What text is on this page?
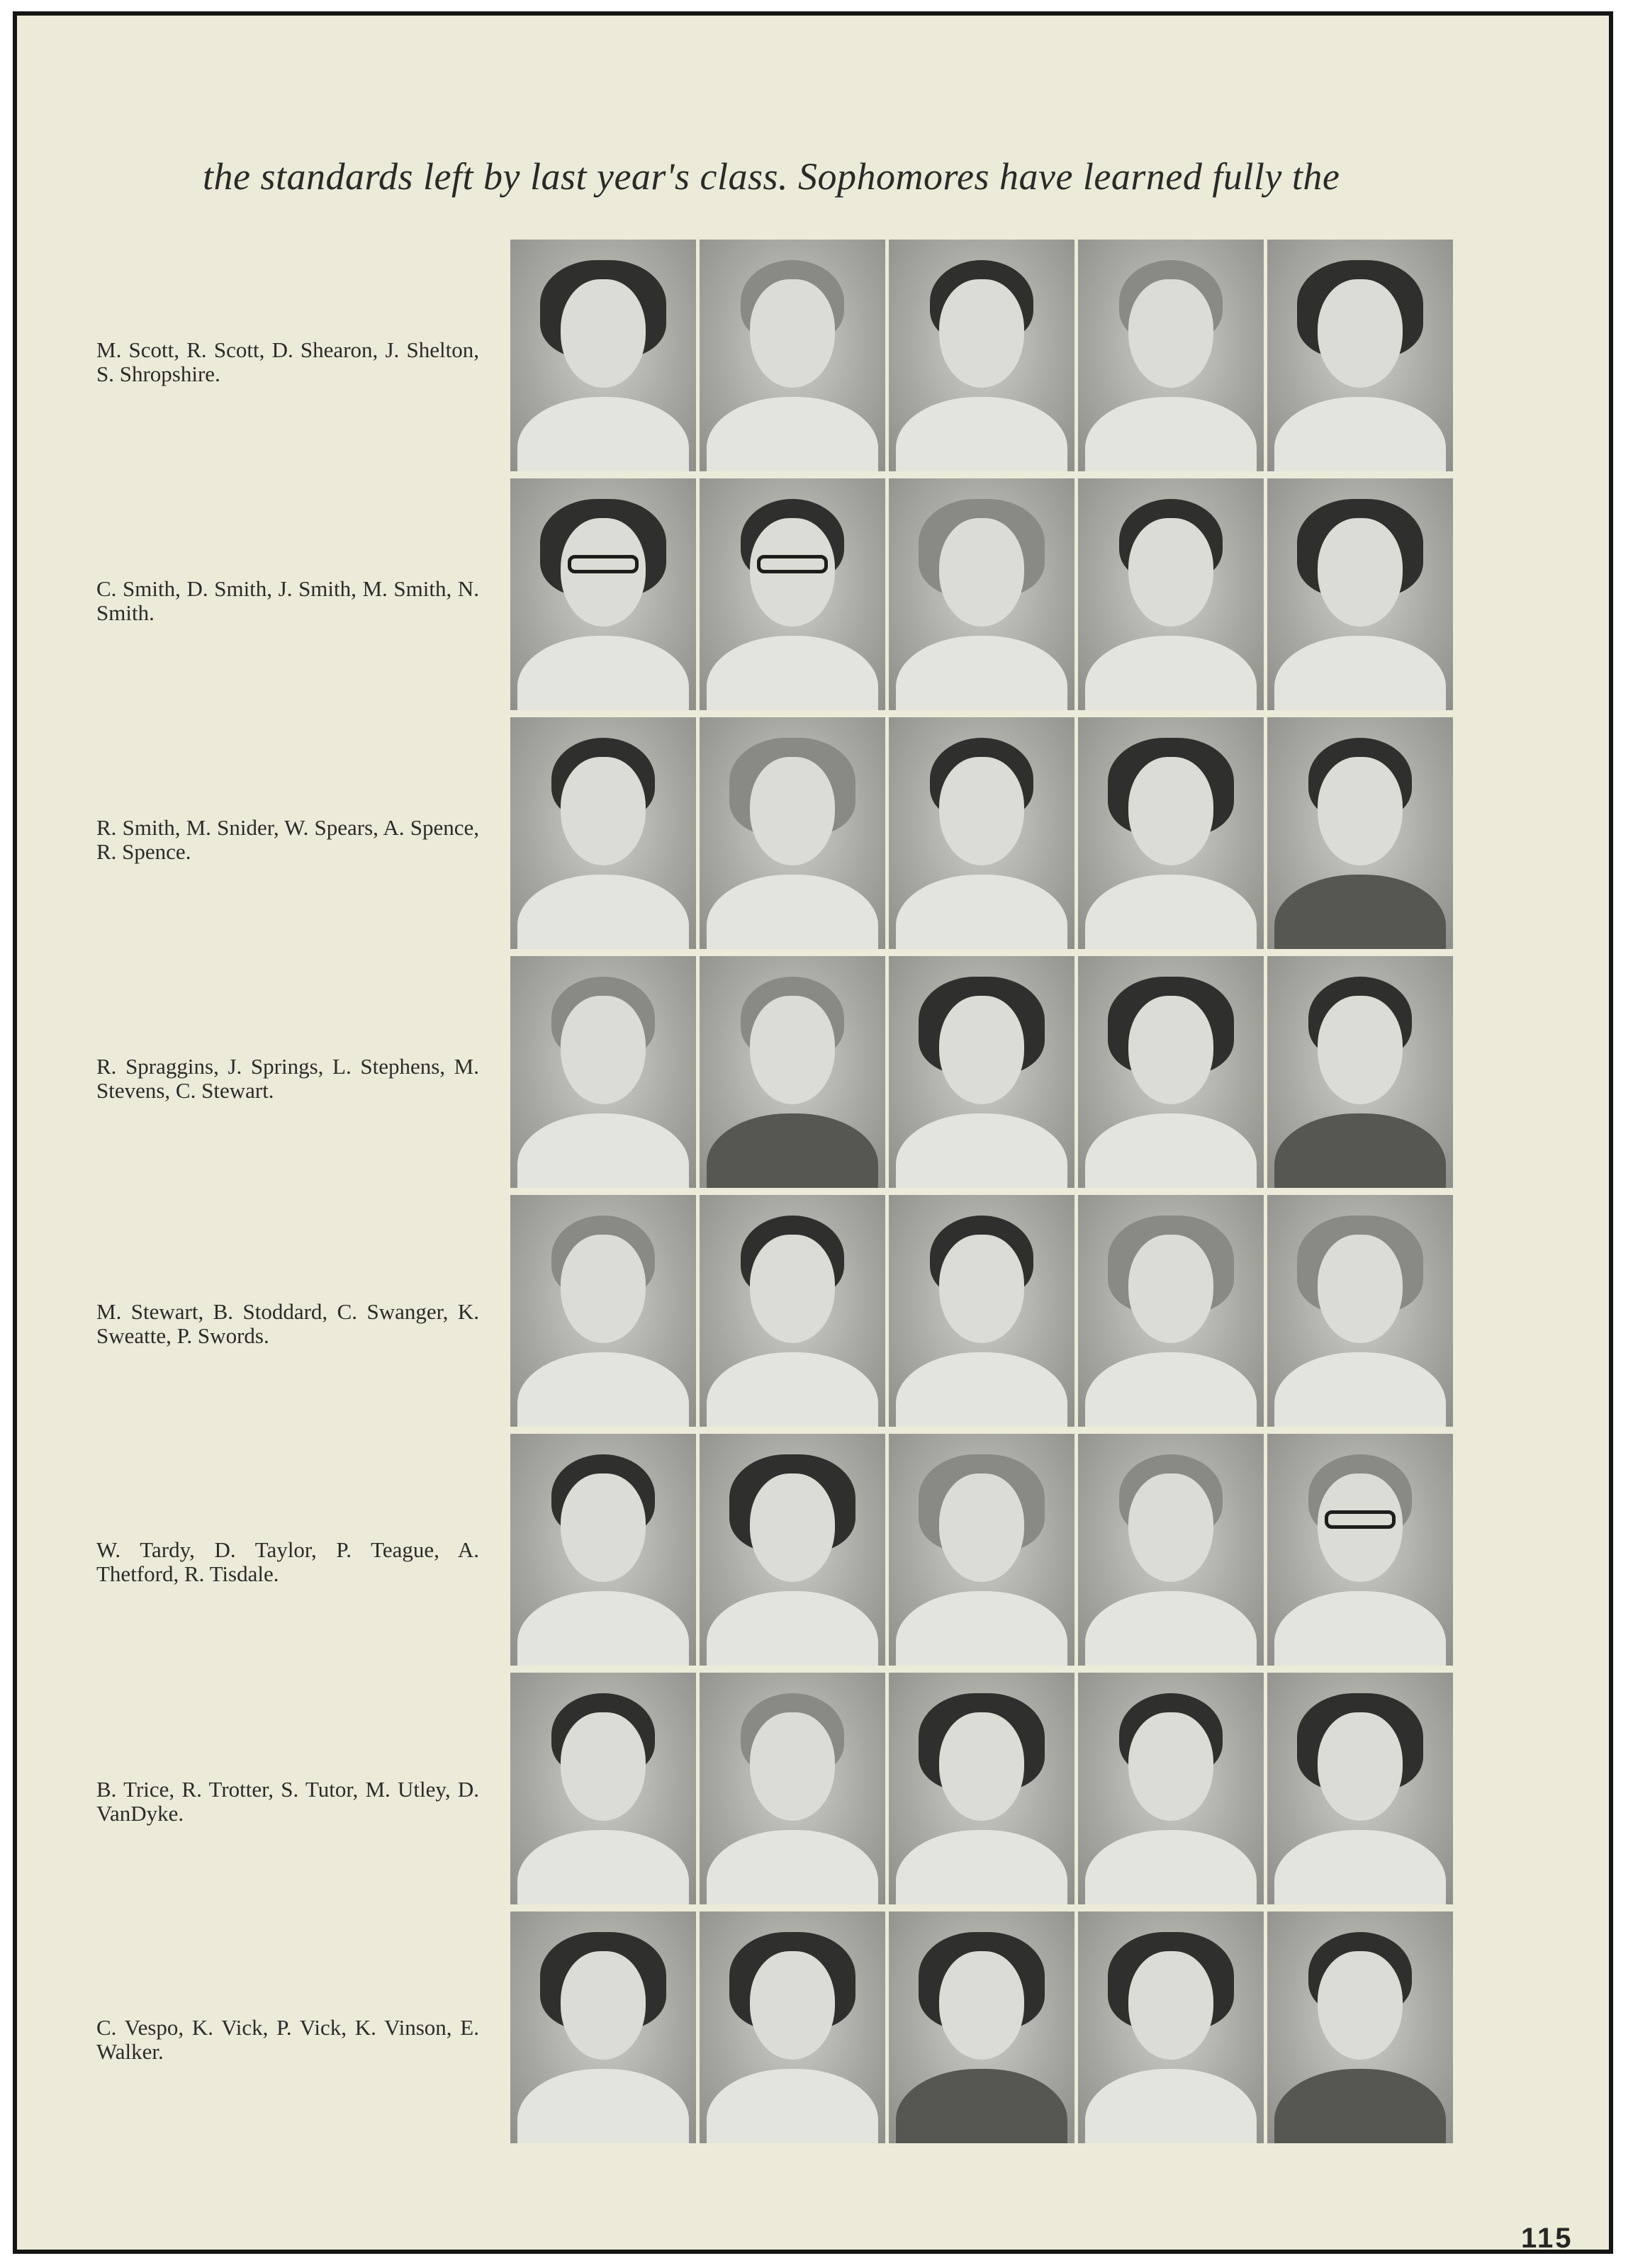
the standards left by last year's class. Sophomores have learned fully the
M. Scott, R. Scott, D. Shearon, J. Shelton, S. Shropshire.
C. Smith, D. Smith, J. Smith, M. Smith, N. Smith.
R. Smith, M. Snider, W. Spears, A. Spence, R. Spence.
R. Spraggins, J. Springs, L. Stephens, M. Stevens, C. Stewart.
M. Stewart, B. Stoddard, C. Swanger, K. Sweatte, P. Swords.
W. Tardy, D. Taylor, P. Teague, A. Thetford, R. Tisdale.
B. Trice, R. Trotter, S. Tutor, M. Utley, D. VanDyke.
C. Vespo, K. Vick, P. Vick, K. Vinson, E. Walker.
115
